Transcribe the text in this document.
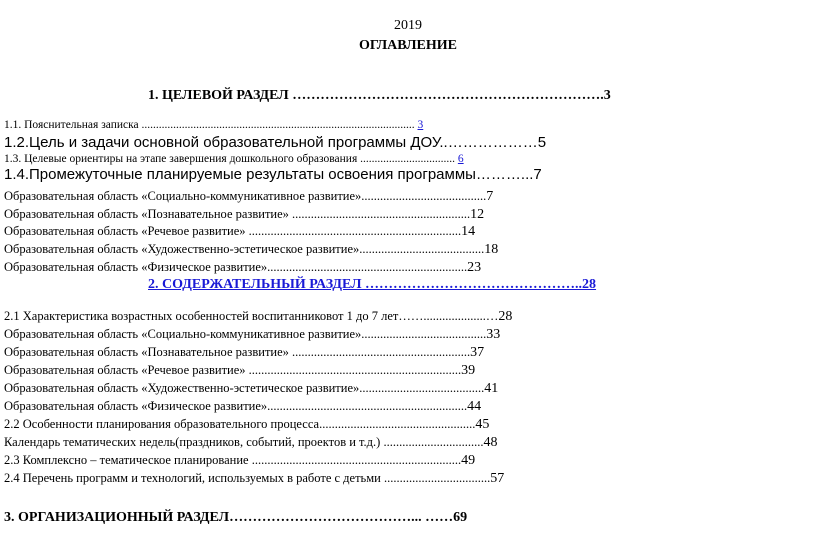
2019
ОГЛАВЛЕНИЕ
1. ЦЕЛЕВОЙ РАЗДЕЛ ………………………………………………………….3
1.1. Пояснительная записка ............................................................................................... 3
1.2.Цель и задачи основной образовательной программы ДОУ..………………5
1.3. Целевые ориентиры на этапе завершения дошкольного образования ................................. 6
1.4.Промежуточные планируемые результаты освоения программы………...7
Образовательная область «Социально-коммуникативное развитие»........................................7
Образовательная область «Познавательное развитие» .........................................................12
Образовательная область «Речевое развитие» ....................................................................14
Образовательная область «Художественно-эстетическое развитие»........................................18
Образовательная область «Физическое развитие»................................................................23
2. СОДЕРЖАТЕЛЬНЫЙ РАЗДЕЛ ………………………………………..28
2.1 Характеристика возрастных особенностей воспитанниковот 1 до 7 лет……....................…28
Образовательная область «Социально-коммуникативное развитие»........................................33
Образовательная область «Познавательное развитие» .........................................................37
Образовательная область «Речевое развитие» ....................................................................39
Образовательная область «Художественно-эстетическое развитие»........................................41
Образовательная область «Физическое развитие»................................................................44
2.2 Особенности планирования образовательного процесса..................................................45
Календарь тематических недель(праздников, событий, проектов и т.д.) ................................48
2.3 Комплексно – тематическое планирование ...................................................................49
2.4 Перечень программ и технологий, используемых в работе с детьми ..................................57
3. ОРГАНИЗАЦИОННЫЙ РАЗДЕЛ…………………………………... ……69
